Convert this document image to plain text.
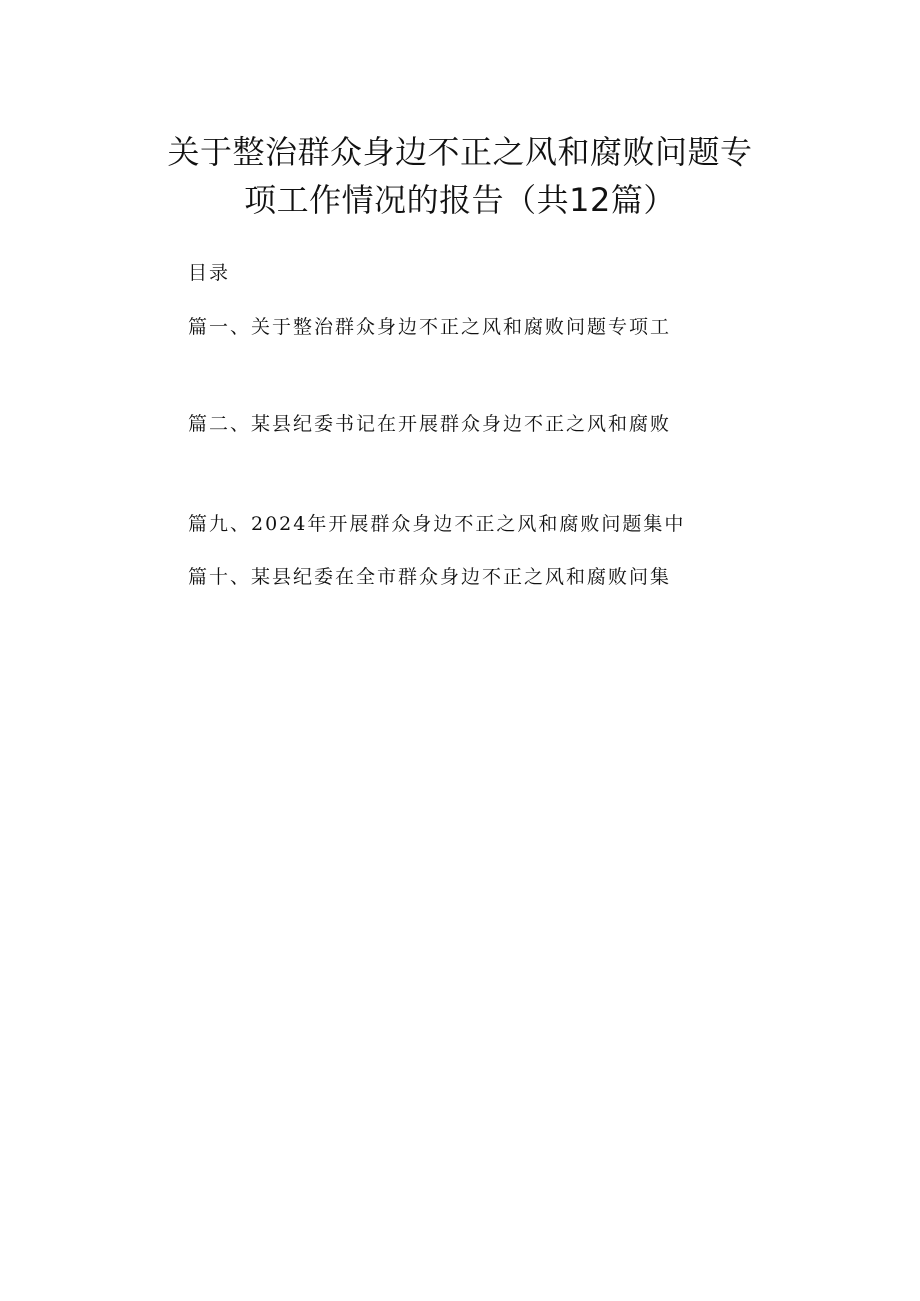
关于整治群众身边不正之风和腐败问题专
项工作情况的报告（共12篇）
目录
篇一、关于整治群众身边不正之风和腐败问题专项工
篇二、某县纪委书记在开展群众身边不正之风和腐败
篇九、2024年开展群众身边不正之风和腐败问题集中
篇十、某县纪委在全市群众身边不正之风和腐败问集
